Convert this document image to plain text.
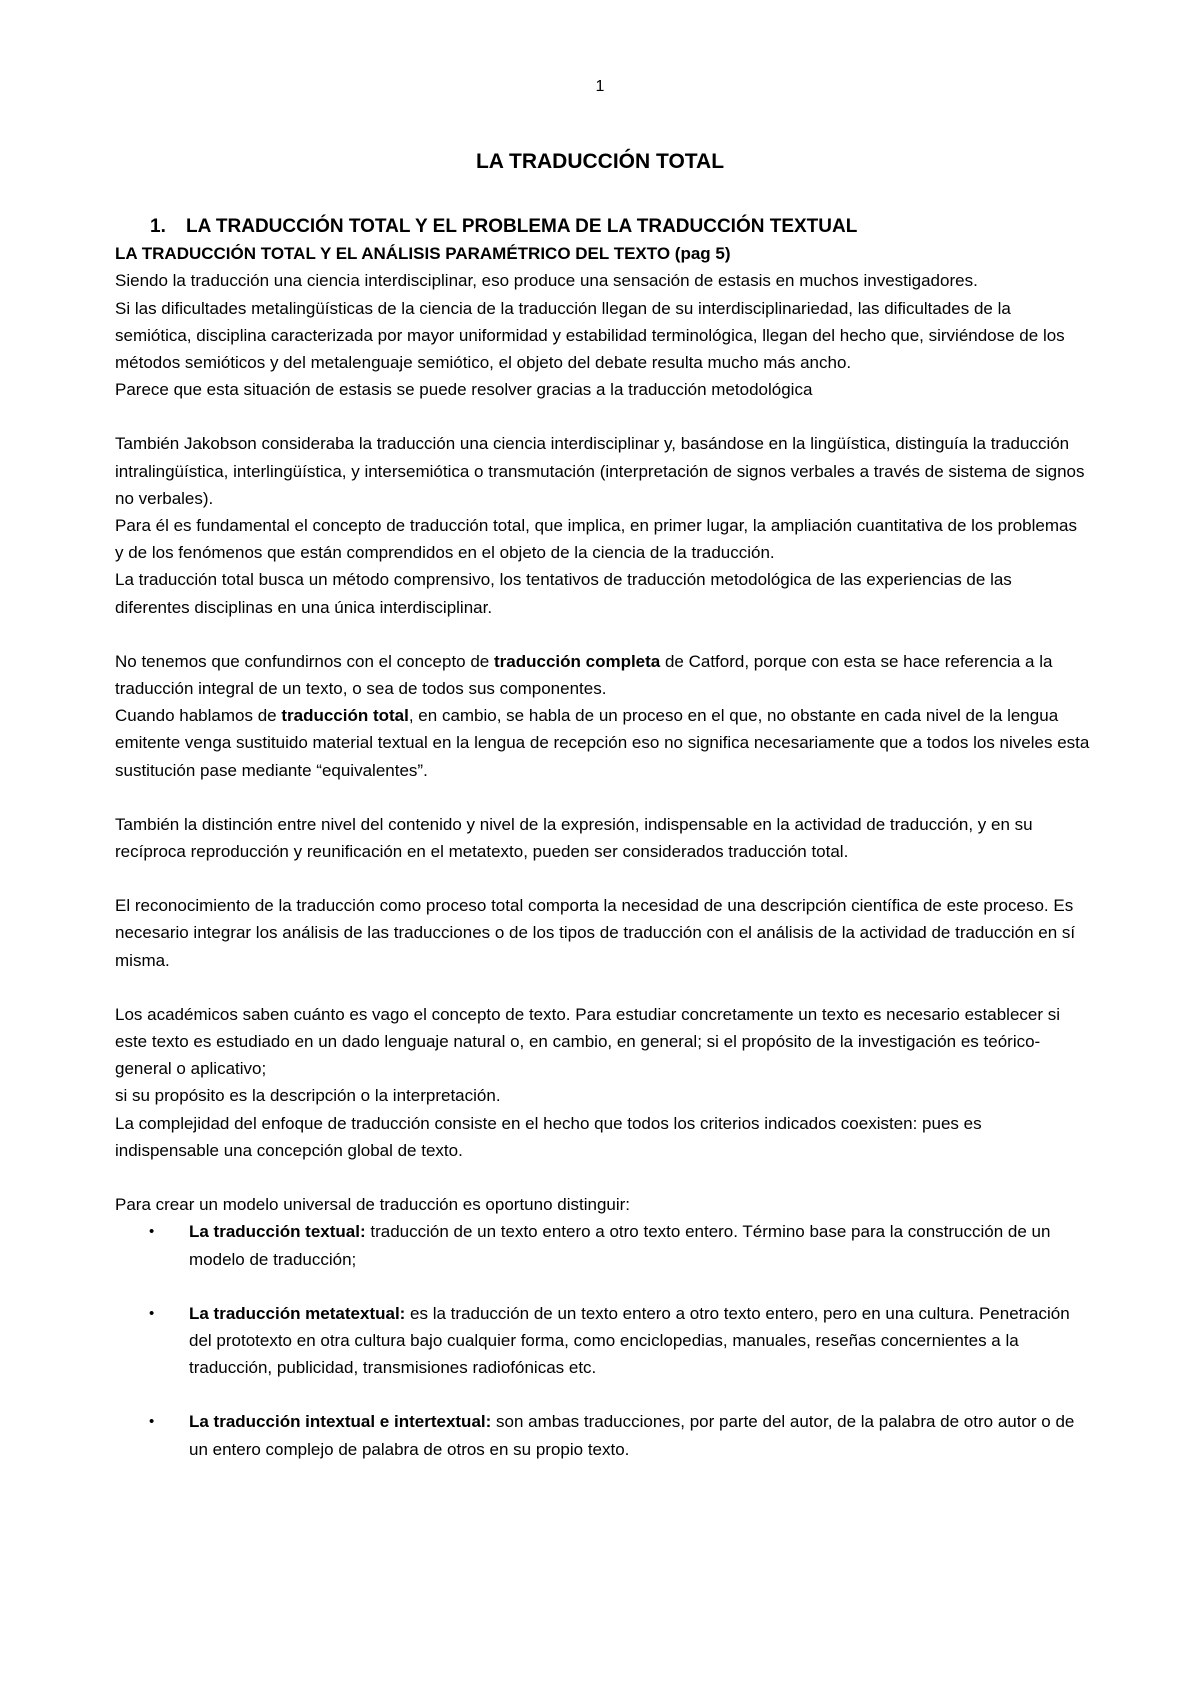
1
LA TRADUCCIÓN TOTAL
1.	LA TRADUCCIÓN TOTAL Y EL PROBLEMA DE LA TRADUCCIÓN TEXTUAL

LA TRADUCCIÓN TOTAL Y EL ANÁLISIS PARAMÉTRICO DEL TEXTO (pag 5)

Siendo la traducción una ciencia interdisciplinar, eso produce una sensación de estasis en muchos investigadores.

Si las dificultades metalingüísticas de la ciencia de la traducción llegan de su interdisciplinariedad, las dificultades de la semiótica, disciplina caracterizada por mayor uniformidad y estabilidad terminológica, llegan del hecho que, sirviéndose de los métodos semióticos y del metalenguaje semiótico, el objeto del debate resulta mucho más ancho.

Parece que esta situación de estasis se puede resolver gracias a la traducción metodológica

También Jakobson consideraba la traducción una ciencia interdisciplinar y, basándose en la lingüística, distinguía la traducción intralingüística, interlingüística, y intersemiótica o transmutación (interpretación de signos verbales a través de sistema de signos no verbales).

Para él es fundamental el concepto de traducción total, que implica, en primer lugar, la ampliación cuantitativa de los problemas y de los fenómenos que están comprendidos en el objeto de la ciencia de la traducción.

La traducción total busca un método comprensivo, los tentativos de traducción metodológica de las experiencias de las diferentes disciplinas en una única interdisciplinar.

No tenemos que confundirnos con el concepto de traducción completa de Catford, porque con esta se hace referencia a la traducción integral de un texto, o sea de todos sus componentes.

Cuando hablamos de traducción total, en cambio, se habla de un proceso en el que, no obstante en cada nivel de la lengua emitente venga sustituido material textual en la lengua de recepción eso no significa necesariamente que a todos los niveles esta sustitución pase mediante “equivalentes”.

También la distinción entre nivel del contenido y nivel de la expresión, indispensable en la actividad de traducción, y en su recíproca reproducción y reunificación en el metatexto, pueden ser considerados traducción total.

El reconocimiento de la traducción como proceso total comporta la necesidad de una descripción científica de este proceso. Es necesario integrar los análisis de las traducciones o de los tipos de traducción con el análisis de la actividad de traducción en sí misma.

Los académicos saben cuánto es vago el concepto de texto. Para estudiar concretamente un texto es necesario establecer si este texto es estudiado en un dado lenguaje natural o, en cambio, en general; si el propósito de la investigación es teórico-general o aplicativo;

si su propósito es la descripción o la interpretación.

La complejidad del enfoque de traducción consiste en el hecho que todos los criterios indicados coexisten: pues es indispensable una concepción global de texto.

Para crear un modelo universal de traducción es oportuno distinguir:

• La traducción textual: traducción de un texto entero a otro texto entero. Término base para la construcción de un modelo de traducción;
• La traducción metatextual: es la traducción de un texto entero a otro texto entero, pero en una cultura. Penetración del prototexto en otra cultura bajo cualquier forma, como enciclopedias, manuales, reseñas concernientes a la traducción, publicidad, transmisiones radiofónicas etc.
• La traducción intextual e intertextual: son ambas traducciones, por parte del autor, de la palabra de otro autor o de un entero complejo de palabra de otros en su propio texto.
